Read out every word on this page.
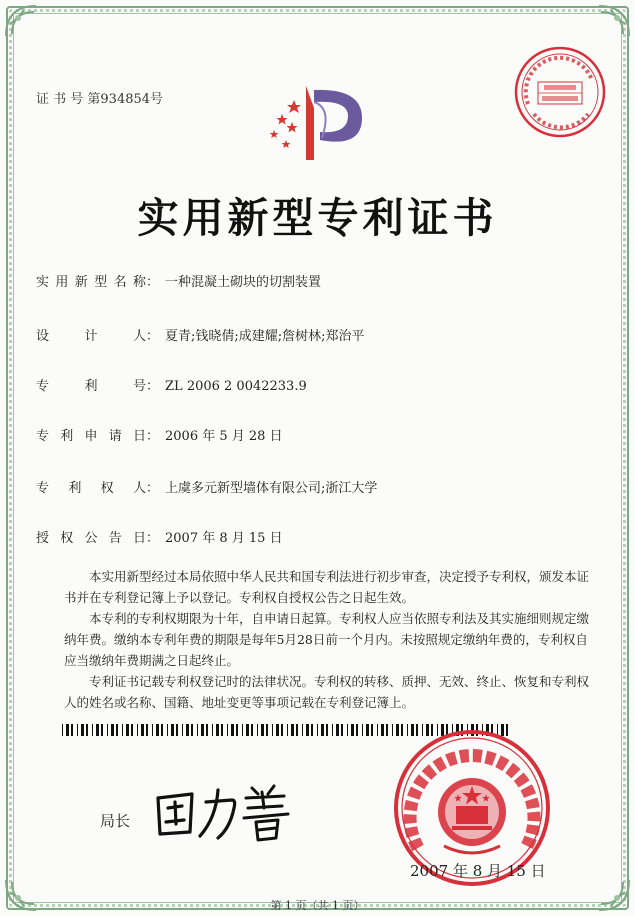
证 书 号 第934854号
实用新型专利证书
实用新型名称： 一种混凝土砌块的切割装置
设计人： 夏青;钱晓倩;成建耀;詹树林;郑治平
专利号： ZL 2006 2 0042233.9
专利申请日： 2006 年 5 月 28 日
专利权人： 上虞多元新型墙体有限公司;浙江大学
授权公告日： 2007 年 8 月 15 日

本实用新型经过本局依照中华人民共和国专利法进行初步审查，决定授予专利权，颁发本证书并在专利登记簿上予以登记。专利权自授权公告之日起生效。

本专利的专利权期限为十年，自申请日起算。专利权人应当依照专利法及其实施细则规定缴纳年费。缴纳本专利年费的期限是每年5月28日前一个月内。未按照规定缴纳年费的，专利权自应当缴纳年费期满之日起终止。

专利证书记载专利权登记时的法律状况。专利权的转移、质押、无效、终止、恢复和专利权人的姓名或名称、国籍、地址变更等事项记载在专利登记簿上。

局长
2007 年 8 月 15 日
第 1 页（共 1 页）
